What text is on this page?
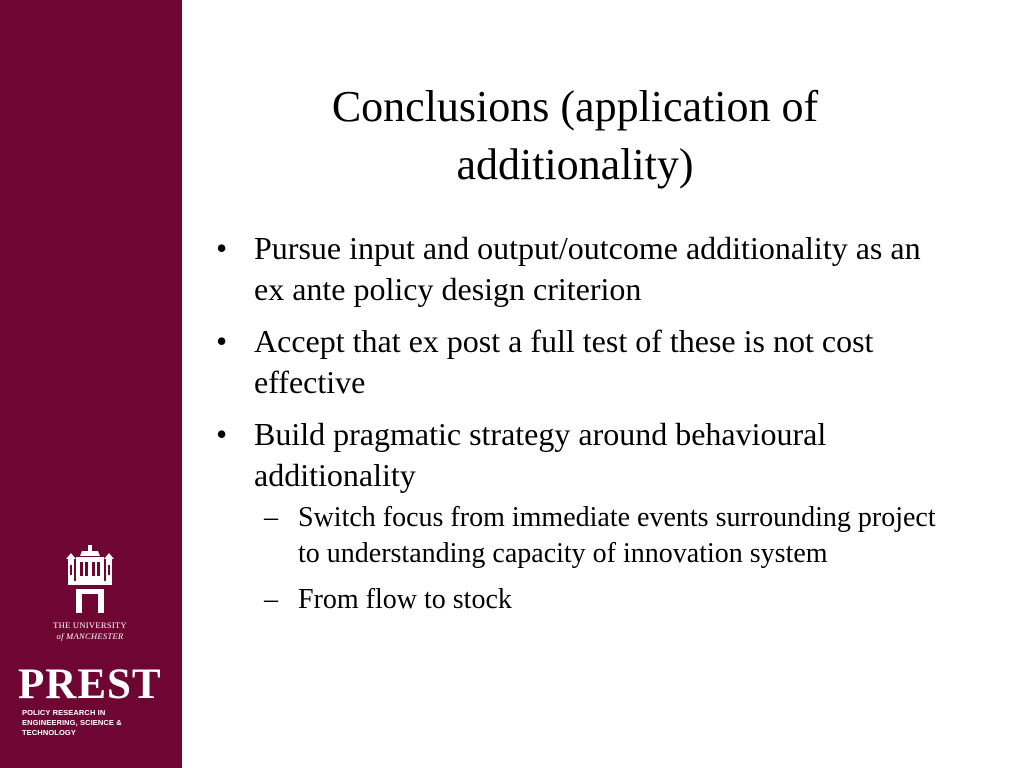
THE UNIVERSITY
of MANCHESTER
PREST
POLICY RESEARCH IN
ENGINEERING, SCIENCE & TECHNOLOGY
Conclusions (application of additionality)
• Pursue input and output/outcome additionality as an ex ante policy design criterion
• Accept that ex post a full test of these is not cost effective
• Build pragmatic strategy around behavioural additionality
– Switch focus from immediate events surrounding project to understanding capacity of innovation system
– From flow to stock
